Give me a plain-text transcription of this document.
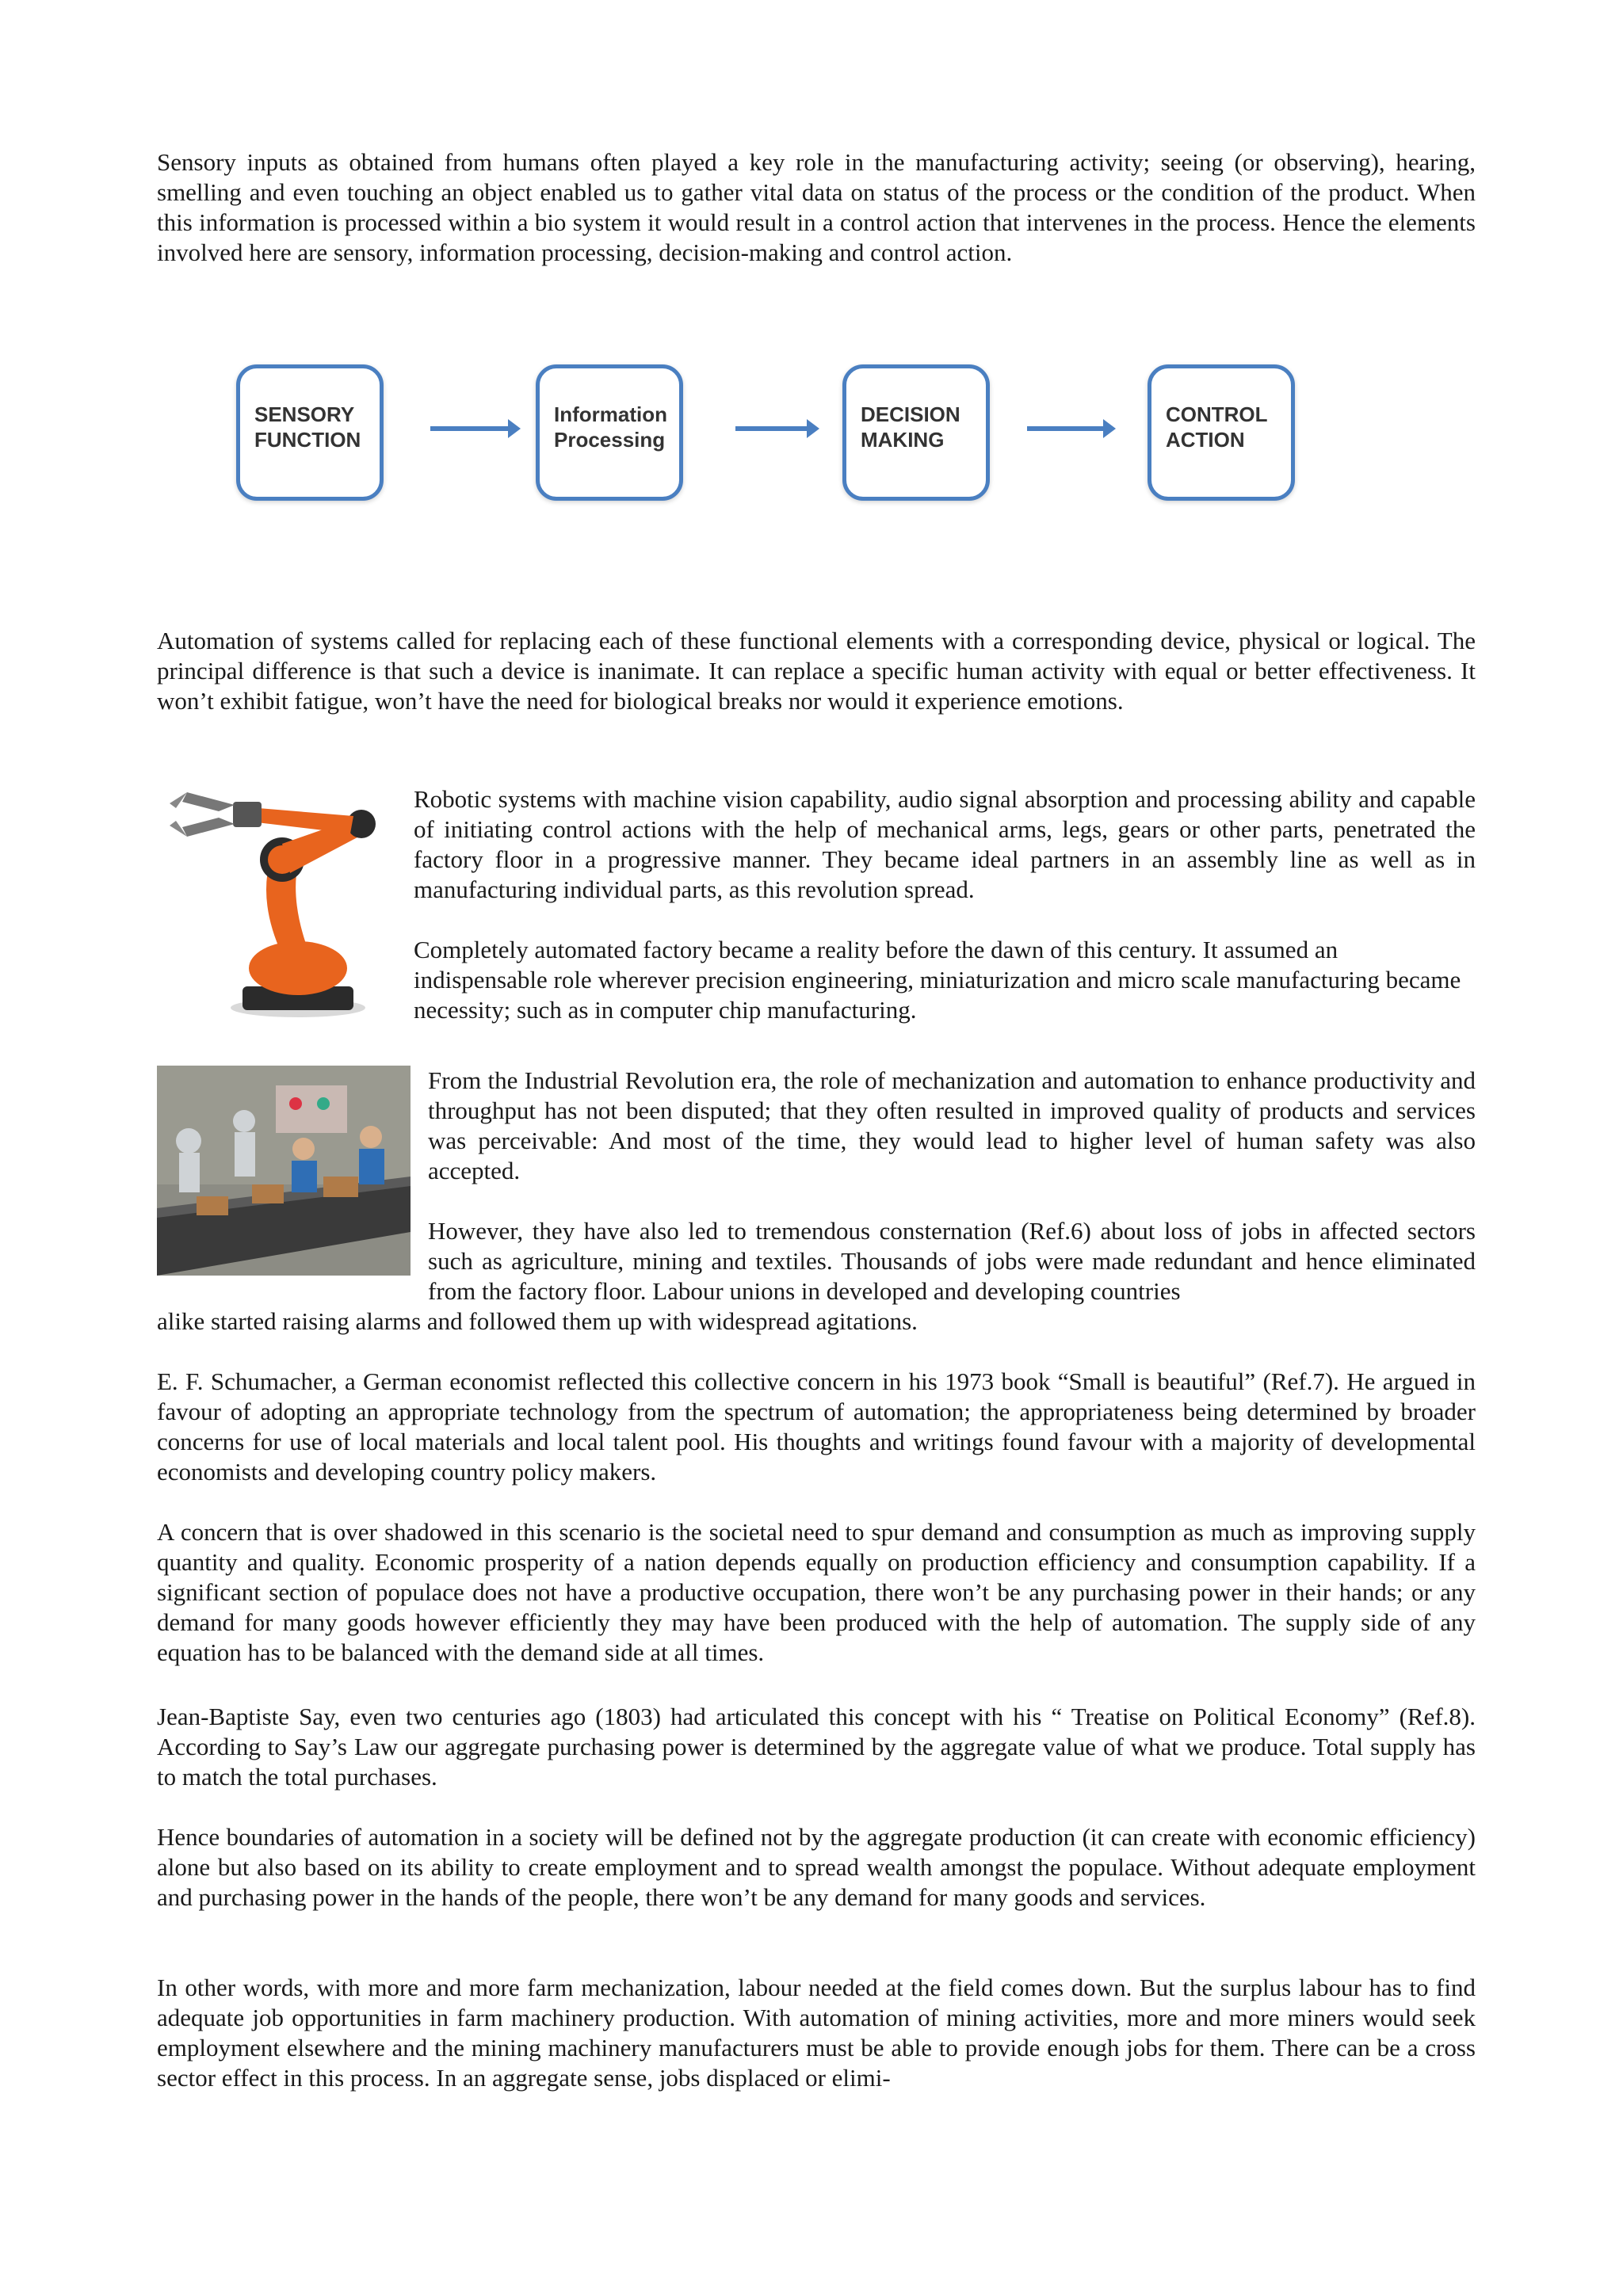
Sensory inputs as obtained from humans often played a key role in the manufacturing activity; seeing (or observing), hearing, smelling and even touching an object enabled us to gather vital data on status of the process or the condition of the product. When this information is processed within a bio system it would result in a control action that intervenes in the process. Hence the elements involved here are sensory, information processing, decision-making and control action.

SENSORY
FUNCTION
Information
Processing
DECISION
MAKING
CONTROL
ACTION

Automation of systems called for replacing each of these functional elements with a corresponding device, physical or logical. The principal difference is that such a device is inanimate. It can replace a specific human activity with equal or better effectiveness. It won’t exhibit fatigue, won’t have the need for biological breaks nor would it experience emotions.

Robotic systems with machine vision capability, audio signal absorption and processing ability and capable of initiating control actions with the help of mechanical arms, legs, gears or other parts, penetrated the factory floor in a progressive manner. They became ideal partners in an assembly line as well as in manufacturing individual parts, as this revolution spread.

Completely automated factory became a reality before the dawn of this century. It assumed an indispensable role wherever precision engineering, miniaturization and micro scale manufacturing became necessity; such as in computer chip manufacturing.

From the Industrial Revolution era, the role of mechanization and automation to enhance productivity and throughput has not been disputed; that they often resulted in improved quality of products and services was perceivable: And most of the time, they would lead to higher level of human safety was also accepted.

However, they have also led to tremendous consternation (Ref.6) about loss of jobs in affected sectors such as agriculture, mining and textiles. Thousands of jobs were made redundant and hence eliminated from the factory floor. Labour unions in developed and developing countries

alike started raising alarms and followed them up with widespread agitations.

E. F. Schumacher, a German economist reflected this collective concern in his 1973 book “Small is beautiful” (Ref.7). He argued in favour of adopting an appropriate technology from the spectrum of automation; the appropriateness being determined by broader concerns for use of local materials and local talent pool. His thoughts and writings found favour with a majority of developmental economists and developing country policy makers.

A concern that is over shadowed in this scenario is the societal need to spur demand and consumption as much as improving supply quantity and quality. Economic prosperity of a nation depends equally on production efficiency and consumption capability. If a significant section of populace does not have a productive occupation, there won’t be any purchasing power in their hands; or any demand for many goods however efficiently they may have been produced with the help of automation. The supply side of any equation has to be balanced with the demand side at all times.

Jean-Baptiste Say, even two centuries ago (1803) had articulated this concept with his “ Treatise on Political Economy” (Ref.8). According to Say’s Law our aggregate purchasing power is determined by the aggregate value of what we produce. Total supply has to match the total purchases.

Hence boundaries of automation in a society will be defined not by the aggregate production (it can create with economic efficiency) alone but also based on its ability to create employment and to spread wealth amongst the populace. Without adequate employment and purchasing power in the hands of the people, there won’t be any demand for many goods and services.

In other words, with more and more farm mechanization, labour needed at the field comes down. But the surplus labour has to find adequate job opportunities in farm machinery production. With automation of mining activities, more and more miners would seek employment elsewhere and the mining machinery manufacturers must be able to provide enough jobs for them. There can be a cross sector effect in this process. In an aggregate sense, jobs displaced or elimi-
